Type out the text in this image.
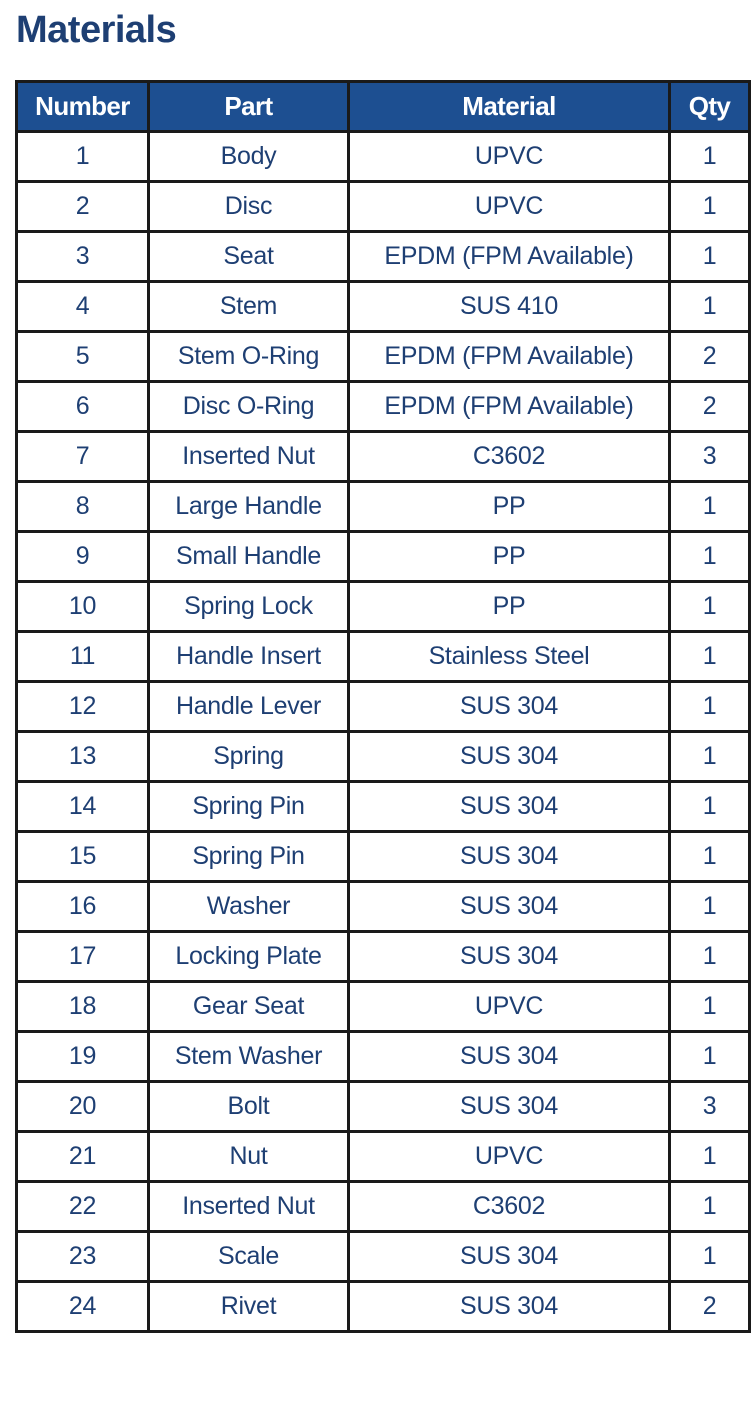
Materials
Number	Part	Material	Qty
1	Body	UPVC	1
2	Disc	UPVC	1
3	Seat	EPDM (FPM Available)	1
4	Stem	SUS 410	1
5	Stem O-Ring	EPDM (FPM Available)	2
6	Disc O-Ring	EPDM (FPM Available)	2
7	Inserted Nut	C3602	3
8	Large Handle	PP	1
9	Small Handle	PP	1
10	Spring Lock	PP	1
11	Handle Insert	Stainless Steel	1
12	Handle Lever	SUS 304	1
13	Spring	SUS 304	1
14	Spring Pin	SUS 304	1
15	Spring Pin	SUS 304	1
16	Washer	SUS 304	1
17	Locking Plate	SUS 304	1
18	Gear Seat	UPVC	1
19	Stem Washer	SUS 304	1
20	Bolt	SUS 304	3
21	Nut	UPVC	1
22	Inserted Nut	C3602	1
23	Scale	SUS 304	1
24	Rivet	SUS 304	2
